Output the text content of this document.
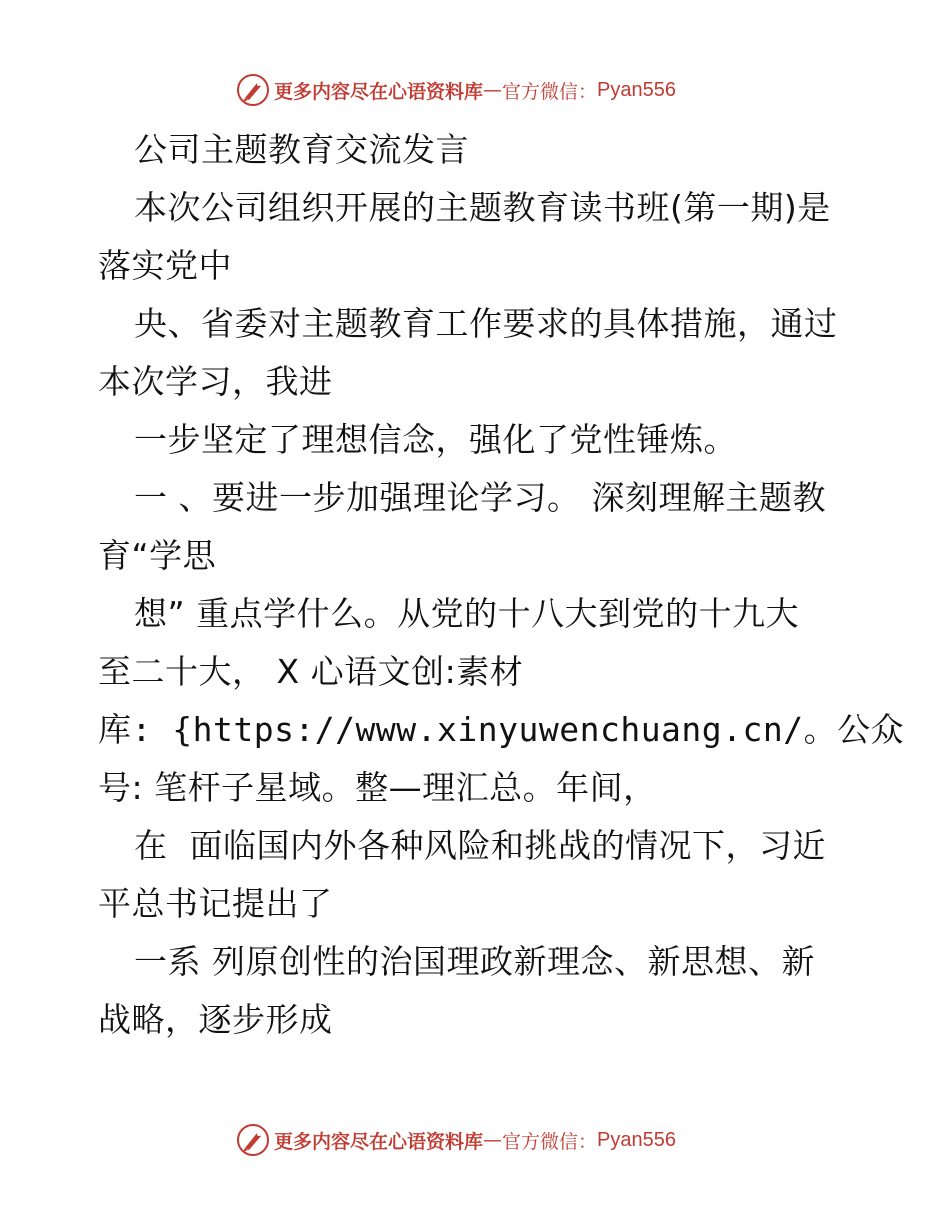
更多内容尽在心语资料库 — 官方微信： Pyan556
公司主题教育交流发言
本次公司组织开展的主题教育读书班(第一期)是
落实党中
央、省委对主题教育工作要求的具体措施，通过
本次学习，我进
一步坚定了理想信念，强化了党性锤炼。
一 、要进一步加强理论学习。 深刻理解主题教
育“学思
想” 重点学什么。从党的十八大到党的十九大
至二十大， X 心语文创:素材
库: {https://www.xinyuwenchuang.cn/。公众
号: 笔杆子星域。整—理汇总。年间，
在  面临国内外各种风险和挑战的情况下，习近
平总书记提出了
一系 列原创性的治国理政新理念、新思想、新
战略，逐步形成
更多内容尽在心语资料库 — 官方微信： Pyan556
